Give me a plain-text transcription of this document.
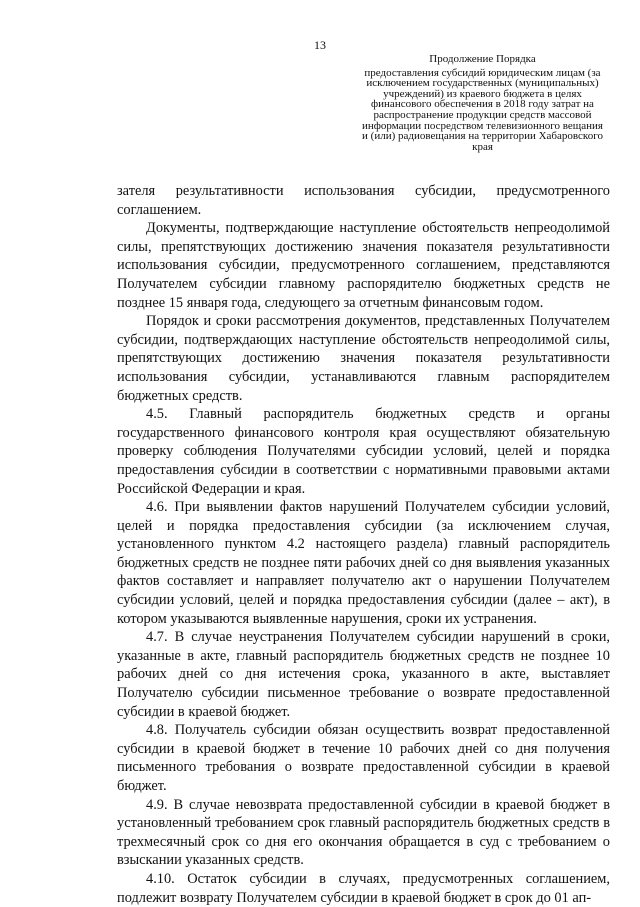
13
Продолжение Порядка
предоставления субсидий юридическим лицам (за исключением государственных (муниципальных) учреждений) из краевого бюджета в целях финансового обеспечения в 2018 году затрат на распространение продукции средств массовой информации посредством телевизионного вещания и (или) радиовещания на территории Хабаровского края

зателя результативности использования субсидии, предусмотренного соглашением.

Документы, подтверждающие наступление обстоятельств непреодолимой силы, препятствующих достижению значения показателя результативности использования субсидии, предусмотренного соглашением, представляются Получателем субсидии главному распорядителю бюджетных средств не позднее 15 января года, следующего за отчетным финансовым годом.

Порядок и сроки рассмотрения документов, представленных Получателем субсидии, подтверждающих наступление обстоятельств непреодолимой силы, препятствующих достижению значения показателя результативности использования субсидии, устанавливаются главным распорядителем бюджетных средств.

4.5. Главный распорядитель бюджетных средств и органы государственного финансового контроля края осуществляют обязательную проверку соблюдения Получателями субсидии условий, целей и порядка предоставления субсидии в соответствии с нормативными правовыми актами Российской Федерации и края.

4.6. При выявлении фактов нарушений Получателем субсидии условий, целей и порядка предоставления субсидии (за исключением случая, установленного пунктом 4.2 настоящего раздела) главный распорядитель бюджетных средств не позднее пяти рабочих дней со дня выявления указанных фактов составляет и направляет получателю акт о нарушении Получателем субсидии условий, целей и порядка предоставления субсидии (далее – акт), в котором указываются выявленные нарушения, сроки их устранения.

4.7. В случае неустранения Получателем субсидии нарушений в сроки, указанные в акте, главный распорядитель бюджетных средств не позднее 10 рабочих дней со дня истечения срока, указанного в акте, выставляет Получателю субсидии письменное требование о возврате предоставленной субсидии в краевой бюджет.

4.8. Получатель субсидии обязан осуществить возврат предоставленной субсидии в краевой бюджет в течение 10 рабочих дней со дня получения письменного требования о возврате предоставленной субсидии в краевой бюджет.

4.9. В случае невозврата предоставленной субсидии в краевой бюджет в установленный требованием срок главный распорядитель бюджетных средств в трехмесячный срок со дня его окончания обращается в суд с требованием о взыскании указанных средств.

4.10. Остаток субсидии в случаях, предусмотренных соглашением, подлежит возврату Получателем субсидии в краевой бюджет в срок до 01 ап-
